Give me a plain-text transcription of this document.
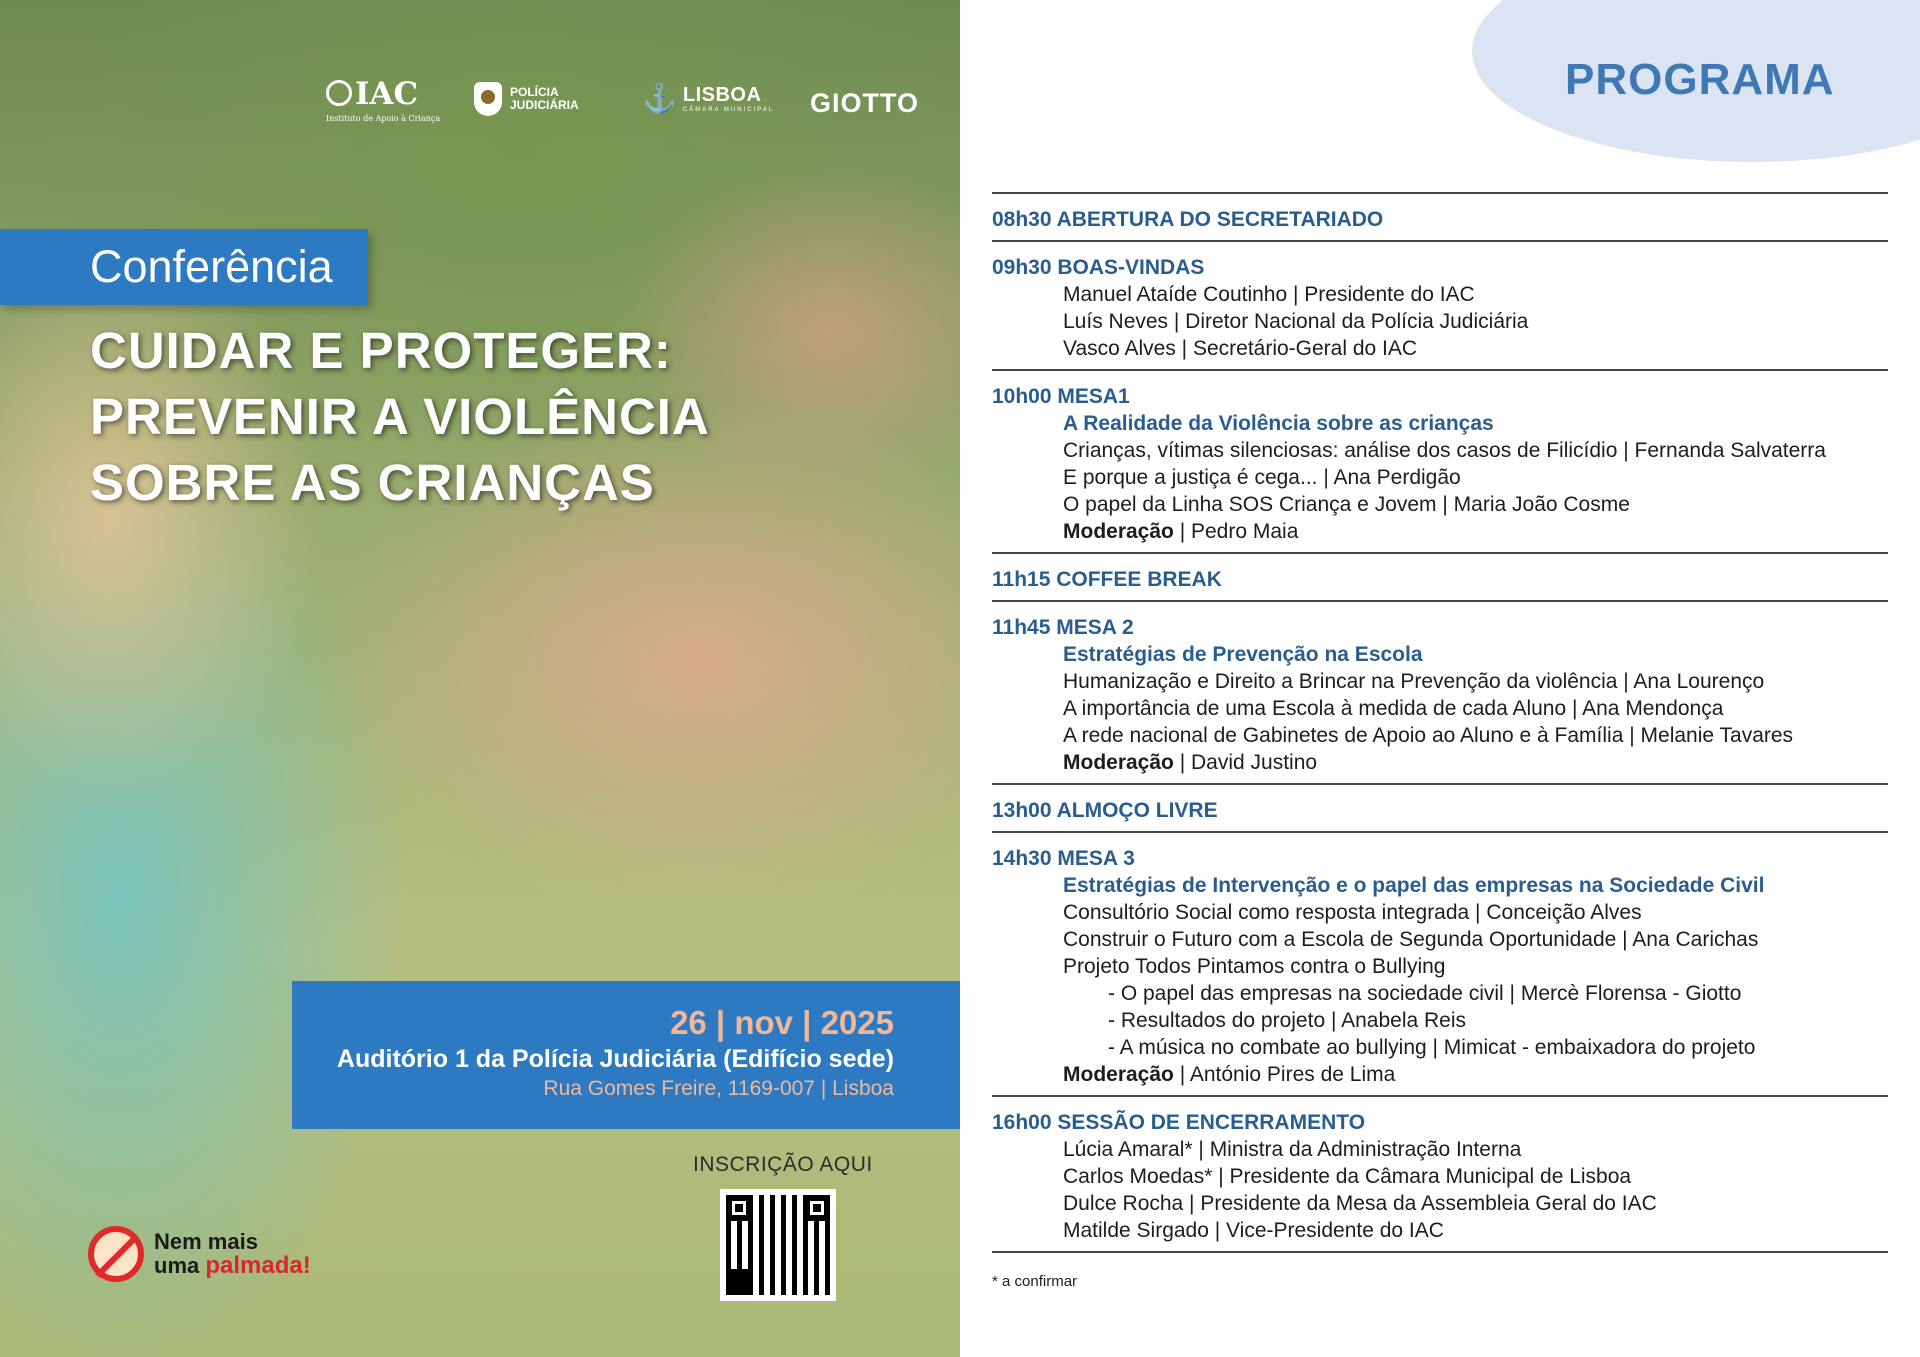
IAC
Instituto de Apoio à Criança
POLÍCIA JUDICIÁRIA	⚓ LISBOA
CÂMARA MUNICIPAL GIOTTO
Conferência
CUIDAR E PROTEGER:
PREVENIR A VIOLÊNCIA
SOBRE AS CRIANÇAS
26 | nov | 2025
Auditório 1 da Polícia Judiciária (Edifício sede)
Rua Gomes Freire, 1169-007 | Lisboa
INSCRIÇÃO AQUI
Nem mais
uma palmada!
PROGRAMA
08h30 ABERTURA DO SECRETARIADO
09h30 BOAS-VINDAS
Manuel Ataíde Coutinho | Presidente do IAC
Luís Neves | Diretor Nacional da Polícia Judiciária
Vasco Alves | Secretário-Geral do IAC
10h00 MESA1
A Realidade da Violência sobre as crianças
Crianças, vítimas silenciosas: análise dos casos de Filicídio | Fernanda Salvaterra
E porque a justiça é cega... | Ana Perdigão
O papel da Linha SOS Criança e Jovem | Maria João Cosme
Moderação | Pedro Maia
11h15 COFFEE BREAK
11h45 MESA 2
Estratégias de Prevenção na Escola
Humanização e Direito a Brincar na Prevenção da violência | Ana Lourenço
A importância de uma Escola à medida de cada Aluno | Ana Mendonça
A rede nacional de Gabinetes de Apoio ao Aluno e à Família | Melanie Tavares
Moderação | David Justino
13h00 ALMOÇO LIVRE
14h30 MESA 3
Estratégias de Intervenção e o papel das empresas na Sociedade Civil
Consultório Social como resposta integrada | Conceição Alves
Construir o Futuro com a Escola de Segunda Oportunidade | Ana Carichas
Projeto Todos Pintamos contra o Bullying
- O papel das empresas na sociedade civil | Mercè Florensa - Giotto
- Resultados do projeto | Anabela Reis
- A música no combate ao bullying | Mimicat - embaixadora do projeto
Moderação | António Pires de Lima
16h00 SESSÃO DE ENCERRAMENTO
Lúcia Amaral* | Ministra da Administração Interna
Carlos Moedas* | Presidente da Câmara Municipal de Lisboa
Dulce Rocha | Presidente da Mesa da Assembleia Geral do IAC
Matilde Sirgado | Vice-Presidente do IAC
* a confirmar
